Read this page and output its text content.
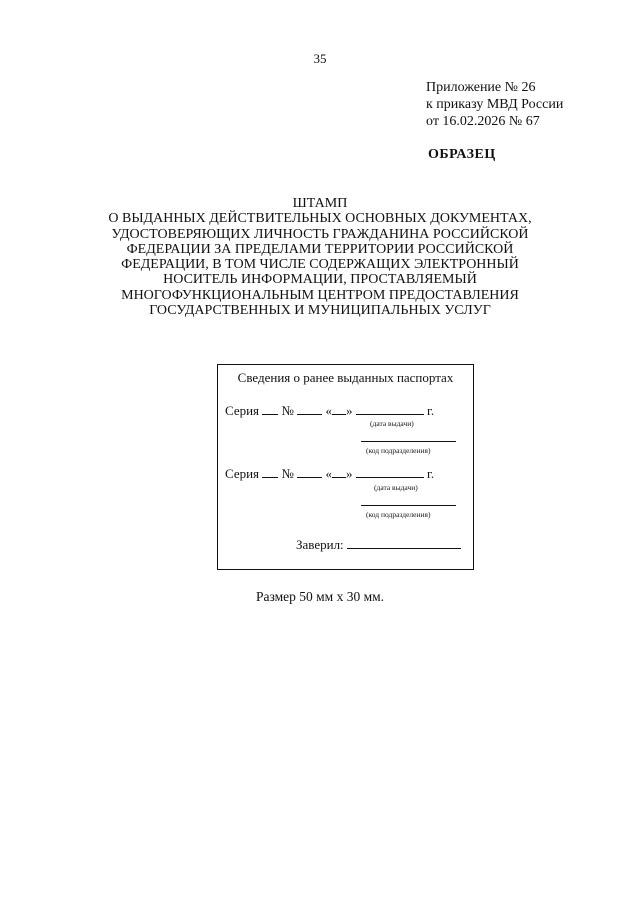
35
Приложение № 26
к приказу МВД России
от 16.02.2026 № 67
ОБРАЗЕЦ
ШТАМП
О ВЫДАННЫХ ДЕЙСТВИТЕЛЬНЫХ ОСНОВНЫХ ДОКУМЕНТАХ,
УДОСТОВЕРЯЮЩИХ ЛИЧНОСТЬ ГРАЖДАНИНА РОССИЙСКОЙ
ФЕДЕРАЦИИ ЗА ПРЕДЕЛАМИ ТЕРРИТОРИИ РОССИЙСКОЙ
ФЕДЕРАЦИИ, В ТОМ ЧИСЛЕ СОДЕРЖАЩИХ ЭЛЕКТРОННЫЙ
НОСИТЕЛЬ ИНФОРМАЦИИ, ПРОСТАВЛЯЕМЫЙ
МНОГОФУНКЦИОНАЛЬНЫМ ЦЕНТРОМ ПРЕДОСТАВЛЕНИЯ
ГОСУДАРСТВЕННЫХ И МУНИЦИПАЛЬНЫХ УСЛУГ
Сведения о ранее выданных паспортах
Серия № « »	г.
(дата выдачи)
(код подразделения)
Серия № « »	г.
(дата выдачи)
(код подразделения)
Заверил:
Размер 50 мм х 30 мм.
